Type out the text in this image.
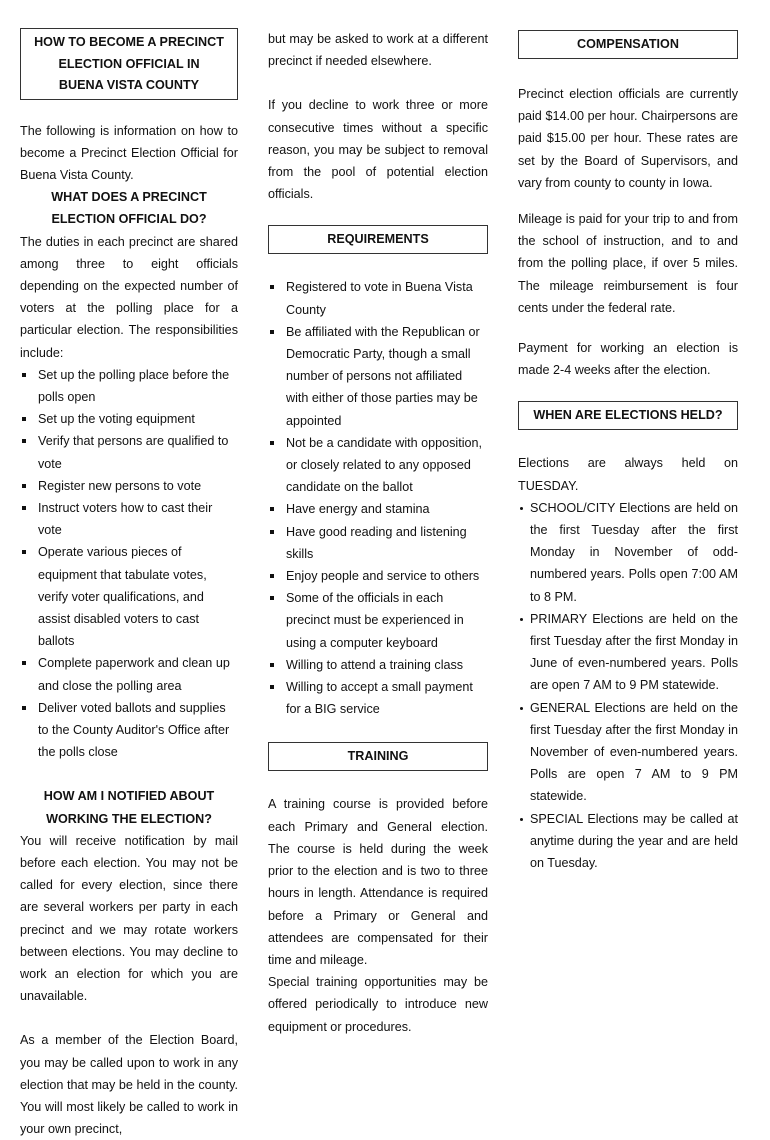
HOW TO BECOME A PRECINCT
ELECTION OFFICIAL IN
BUENA VISTA COUNTY

The following is information on how to become a Precinct Election Official for Buena Vista County.

WHAT DOES A PRECINCT
ELECTION OFFICIAL DO?

The duties in each precinct are shared among three to eight officials depending on the expected number of voters at the polling place for a particular election. The responsibilities include:

Set up the polling place before the polls open
Set up the voting equipment
Verify that persons are qualified to vote
Register new persons to vote
Instruct voters how to cast their vote
Operate various pieces of equipment that tabulate votes, verify voter qualifications, and assist disabled voters to cast ballots
Complete paperwork and clean up and close the polling area
Deliver voted ballots and supplies to the County Auditor's Office after the polls close
HOW AM I NOTIFIED ABOUT
WORKING THE ELECTION?

You will receive notification by mail before each election. You may not be called for every election, since there are several workers per party in each precinct and we may rotate workers between elections. You may decline to work an election for which you are unavailable.

As a member of the Election Board, you may be called upon to work in any election that may be held in the county. You will most likely be called to work in your own precinct,

but may be asked to work at a different precinct if needed elsewhere.

If you decline to work three or more consecutive times without a specific reason, you may be subject to removal from the pool of potential election officials.

REQUIREMENTS
Registered to vote in Buena Vista County
Be affiliated with the Republican or Democratic Party, though a small number of persons not affiliated with either of those parties may be appointed
Not be a candidate with opposition, or closely related to any opposed candidate on the ballot
Have energy and stamina
Have good reading and listening skills
Enjoy people and service to others
Some of the officials in each precinct must be experienced in using a computer keyboard
Willing to attend a training class
Willing to accept a small payment for a BIG service
TRAINING

A training course is provided before each Primary and General election. The course is held during the week prior to the election and is two to three hours in length. Attendance is required before a Primary or General and attendees are compensated for their time and mileage.

Special training opportunities may be offered periodically to introduce new equipment or procedures.

COMPENSATION

Precinct election officials are currently paid $14.00 per hour. Chairpersons are paid $15.00 per hour. These rates are set by the Board of Supervisors, and vary from county to county in Iowa.

Mileage is paid for your trip to and from the school of instruction, and to and from the polling place, if over 5 miles. The mileage reimbursement is four cents under the federal rate.

Payment for working an election is made 2-4 weeks after the election.

WHEN ARE ELECTIONS HELD?

Elections are always held on TUESDAY.

SCHOOL/CITY Elections are held on the first Tuesday after the first Monday in November of odd-numbered years. Polls open 7:00 AM to 8 PM.
PRIMARY Elections are held on the first Tuesday after the first Monday in June of even-numbered years. Polls are open 7 AM to 9 PM statewide.
GENERAL Elections are held on the first Tuesday after the first Monday in November of even-numbered years. Polls are open 7 AM to 9 PM statewide.
SPECIAL Elections may be called at anytime during the year and are held on Tuesday.
